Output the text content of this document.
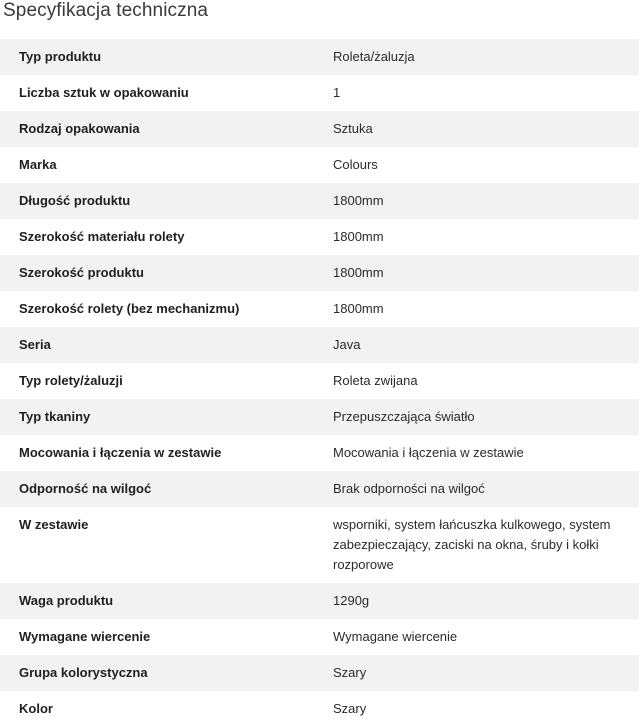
Specyfikacja techniczna
Typ produktu	Roleta/żaluzja
Liczba sztuk w opakowaniu	1
Rodzaj opakowania	Sztuka
Marka	Colours
Długość produktu	1800mm
Szerokość materiału rolety	1800mm
Szerokość produktu	1800mm
Szerokość rolety (bez mechanizmu)	1800mm
Seria	Java
Typ rolety/żaluzji	Roleta zwijana
Typ tkaniny	Przepuszczająca światło
Mocowania i łączenia w zestawie	Mocowania i łączenia w zestawie
Odporność na wilgoć	Brak odporności na wilgoć
W zestawie	wsporniki, system łańcuszka kulkowego, system zabezpieczający, zaciski na okna, śruby i kołki rozporowe
Waga produktu	1290g
Wymagane wiercenie	Wymagane wiercenie
Grupa kolorystyczna	Szary
Kolor	Szary
